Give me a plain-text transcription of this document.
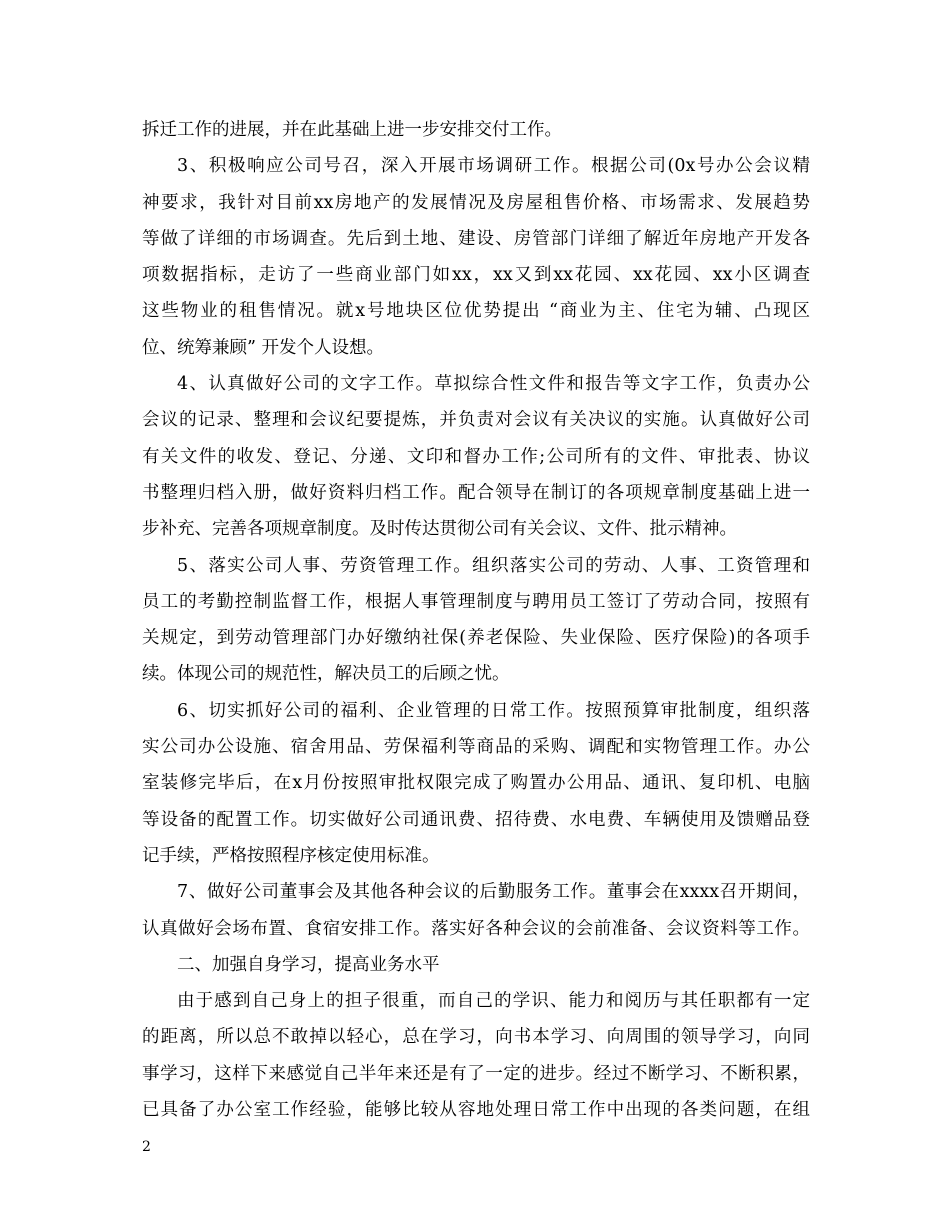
拆迁工作的进展，并在此基础上进一步安排交付工作。
3、积极响应公司号召，深入开展市场调研工作。根据公司(0x号办公会议精
神要求，我针对目前xx房地产的发展情况及房屋租售价格、市场需求、发展趋势
等做了详细的市场调查。先后到土地、建设、房管部门详细了解近年房地产开发各
项数据指标，走访了一些商业部门如xx，xx又到xx花园、xx花园、xx小区调查
这些物业的租售情况。就x号地块区位优势提出 “商业为主、住宅为辅、凸现区
位、统筹兼顾” 开发个人设想。
4、认真做好公司的文字工作。草拟综合性文件和报告等文字工作，负责办公
会议的记录、整理和会议纪要提炼，并负责对会议有关决议的实施。认真做好公司
有关文件的收发、登记、分递、文印和督办工作;公司所有的文件、审批表、协议
书整理归档入册，做好资料归档工作。配合领导在制订的各项规章制度基础上进一
步补充、完善各项规章制度。及时传达贯彻公司有关会议、文件、批示精神。
5、落实公司人事、劳资管理工作。组织落实公司的劳动、人事、工资管理和
员工的考勤控制监督工作，根据人事管理制度与聘用员工签订了劳动合同，按照有
关规定，到劳动管理部门办好缴纳社保(养老保险、失业保险、医疗保险)的各项手
续。体现公司的规范性，解决员工的后顾之忧。
6、切实抓好公司的福利、企业管理的日常工作。按照预算审批制度，组织落
实公司办公设施、宿舍用品、劳保福利等商品的采购、调配和实物管理工作。办公
室装修完毕后，在x月份按照审批权限完成了购置办公用品、通讯、复印机、电脑
等设备的配置工作。切实做好公司通讯费、招待费、水电费、车辆使用及馈赠品登
记手续，严格按照程序核定使用标准。
7、做好公司董事会及其他各种会议的后勤服务工作。董事会在xxxx召开期间，
认真做好会场布置、食宿安排工作。落实好各种会议的会前准备、会议资料等工作。
二、加强自身学习，提高业务水平
由于感到自己身上的担子很重，而自己的学识、能力和阅历与其任职都有一定
的距离，所以总不敢掉以轻心，总在学习，向书本学习、向周围的领导学习，向同
事学习，这样下来感觉自己半年来还是有了一定的进步。经过不断学习、不断积累，
已具备了办公室工作经验，能够比较从容地处理日常工作中出现的各类问题，在组
2
